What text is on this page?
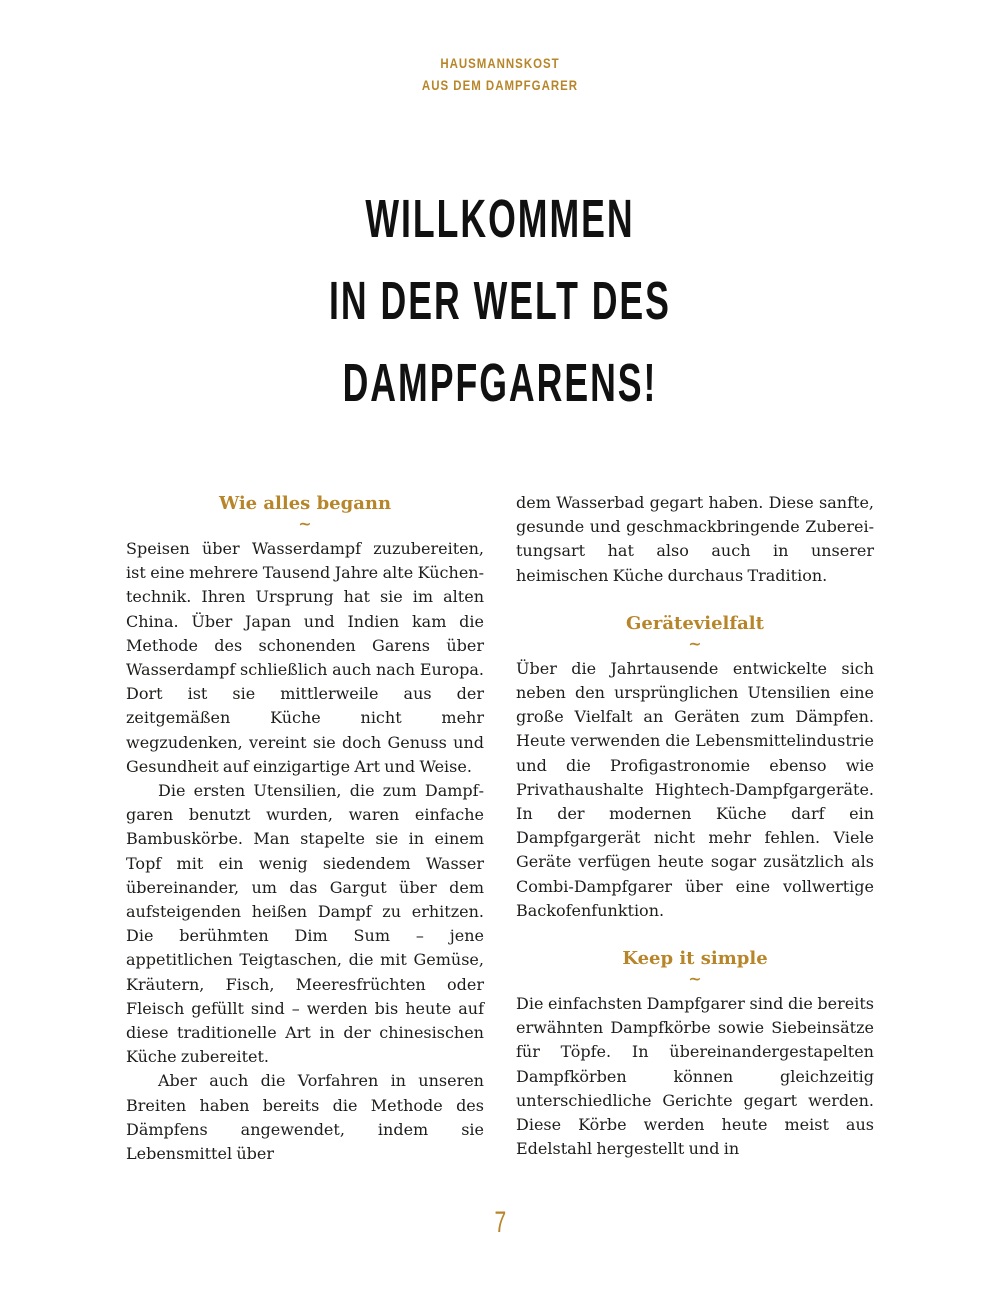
HAUSMANNSKOST
AUS DEM DAMPFGARER
WILLKOMMEN
IN DER WELT DES
DAMPFGARENS!
Wie alles begann
~

Speisen über Wasserdampf zuzubereiten, ist eine mehrere Tausend Jahre alte Küchentechnik. Ihren Ursprung hat sie im alten China. Über Japan und Indien kam die Methode des schonenden Garens über Wasserdampf schließlich auch nach Europa. Dort ist sie mittlerweile aus der zeitgemäßen Küche nicht mehr wegzudenken, vereint sie doch Genuss und Gesundheit auf einzigartige Art und Weise.

Die ersten Utensilien, die zum Dampfgaren benutzt wurden, waren einfache Bambuskörbe. Man stapelte sie in einem Topf mit ein wenig siedendem Wasser übereinander, um das Gargut über dem aufsteigenden heißen Dampf zu erhitzen. Die berühmten Dim Sum – jene appetitlichen Teigtaschen, die mit Gemüse, Kräutern, Fisch, Meeresfrüchten oder Fleisch gefüllt sind – werden bis heute auf diese traditionelle Art in der chinesischen Küche zubereitet.

Aber auch die Vorfahren in unseren Breiten haben bereits die Methode des Dämpfens angewendet, indem sie Lebensmittel über

dem Wasserbad gegart haben. Diese sanfte, gesunde und geschmackbringende Zubereitungsart hat also auch in unserer heimischen Küche durchaus Tradition.

Gerätevielfalt
~

Über die Jahrtausende entwickelte sich neben den ursprünglichen Utensilien eine große Vielfalt an Geräten zum Dämpfen. Heute verwenden die Lebensmittelindustrie und die Profigastronomie ebenso wie Privathaushalte Hightech-Dampfgargeräte. In der modernen Küche darf ein Dampfgargerät nicht mehr fehlen. Viele Geräte verfügen heute sogar zusätzlich als Combi-Dampfgarer über eine vollwertige Backofenfunktion.

Keep it simple
~

Die einfachsten Dampfgarer sind die bereits erwähnten Dampfkörbe sowie Siebeinsätze für Töpfe. In übereinandergestapelten Dampfkörben können gleichzeitig unterschiedliche Gerichte gegart werden. Diese Körbe werden heute meist aus Edelstahl hergestellt und in

7
